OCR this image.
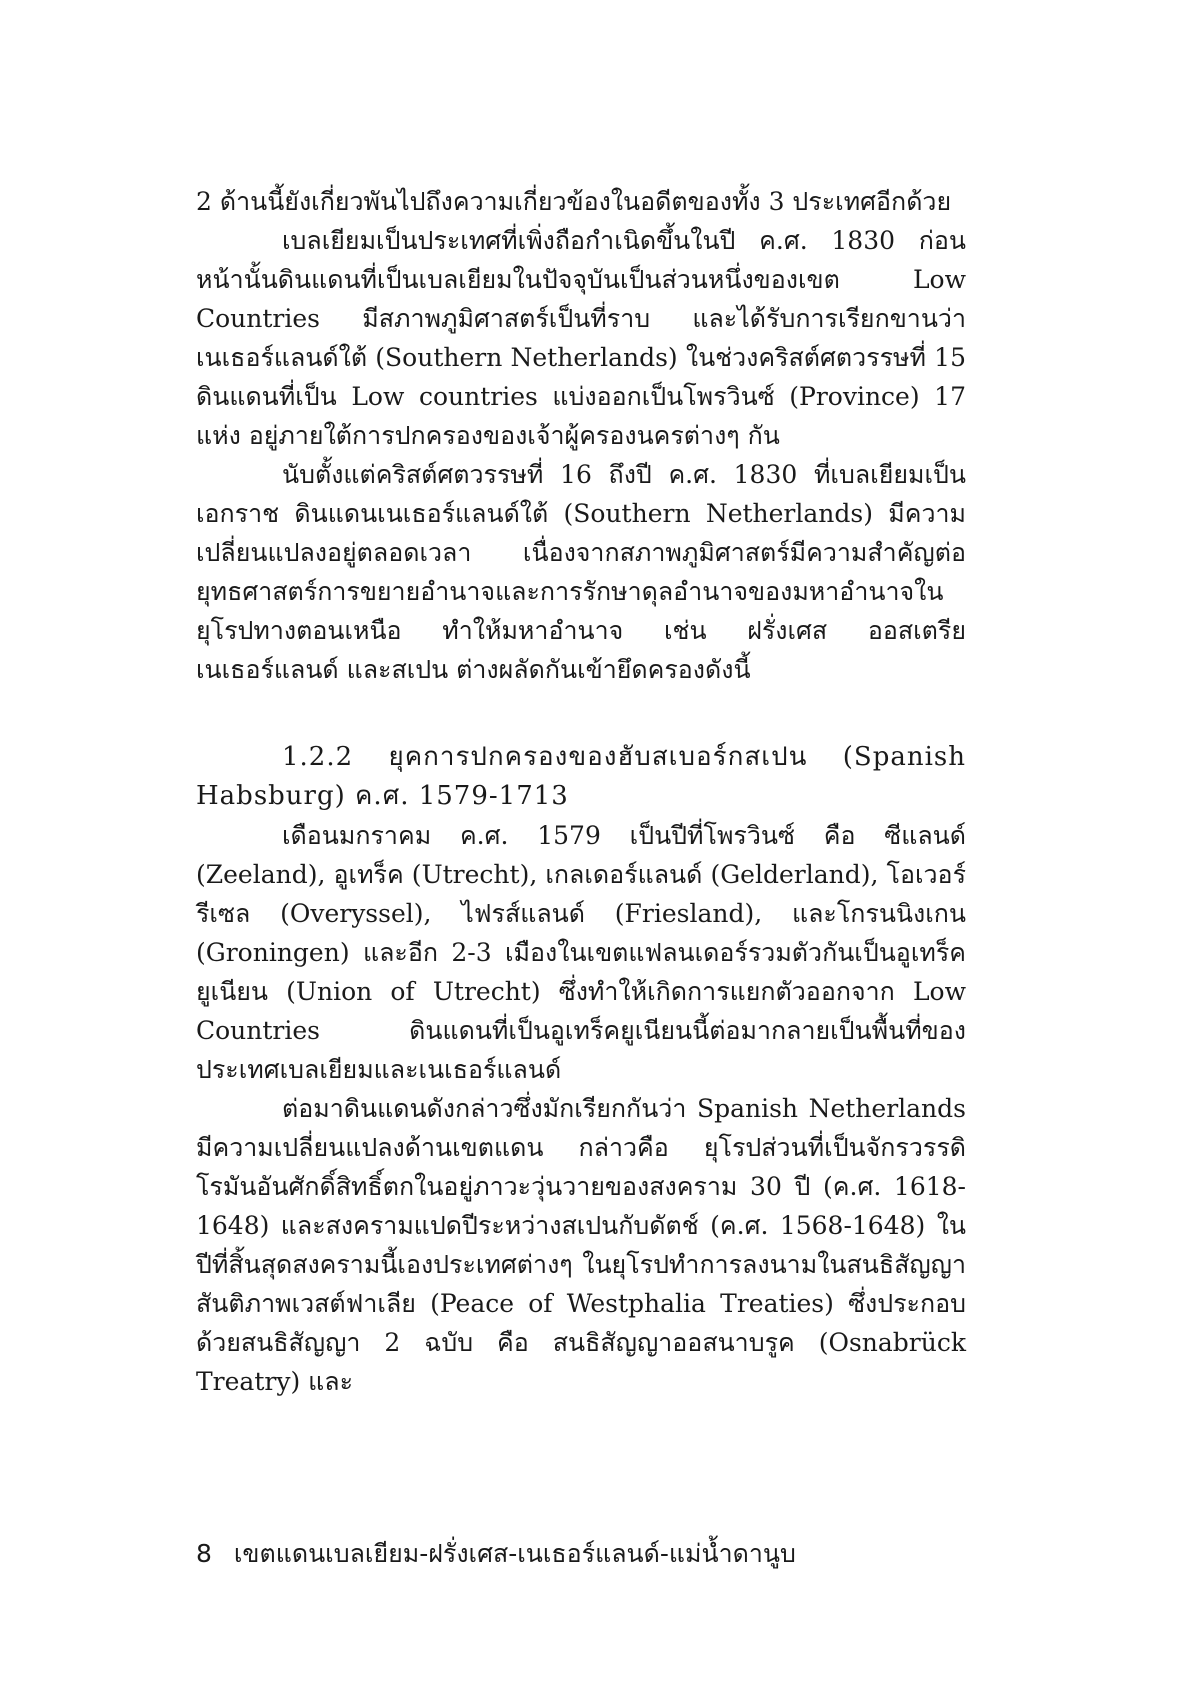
2 ด้านนี้ยังเกี่ยวพันไปถึงความเกี่ยวข้องในอดีตของทั้ง 3 ประเทศอีกด้วย

เบลเยียมเป็นประเทศที่เพิ่งถือกำเนิดขึ้นในปี ค.ศ. 1830 ก่อนหน้านั้นดินแดนที่เป็นเบลเยียมในปัจจุบันเป็นส่วนหนึ่งของเขต Low Countries มีสภาพภูมิศาสตร์เป็นที่ราบ และได้รับการเรียกขานว่าเนเธอร์แลนด์ใต้ (Southern Netherlands) ในช่วงคริสต์ศตวรรษที่ 15 ดินแดนที่เป็น Low countries แบ่งออกเป็นโพรวินซ์ (Province) 17 แห่ง อยู่ภายใต้การปกครองของเจ้าผู้ครองนครต่างๆ กัน

นับตั้งแต่คริสต์ศตวรรษที่ 16 ถึงปี ค.ศ. 1830 ที่เบลเยียมเป็นเอกราช ดินแดนเนเธอร์แลนด์ใต้ (Southern Netherlands) มีความเปลี่ยนแปลงอยู่ตลอดเวลา เนื่องจากสภาพภูมิศาสตร์มีความสำคัญต่อยุทธศาสตร์การขยายอำนาจและการรักษาดุลอำนาจของมหาอำนาจในยุโรปทางตอนเหนือ ทำให้มหาอำนาจ เช่น ฝรั่งเศส ออสเตรีย เนเธอร์แลนด์ และสเปน ต่างผลัดกันเข้ายึดครองดังนี้

1.2.2 ยุคการปกครองของฮับสเบอร์กสเปน (Spanish Habsburg) ค.ศ. 1579-1713

เดือนมกราคม ค.ศ. 1579 เป็นปีที่โพรวินซ์ คือ ซีแลนด์ (Zeeland), อูเทร็ค (Utrecht), เกลเดอร์แลนด์ (Gelderland), โอเวอร์รีเซล (Overyssel), ไฟรส์แลนด์ (Friesland), และโกรนนิงเกน (Groningen) และอีก 2-3 เมืองในเขตแฟลนเดอร์รวมตัวกันเป็นอูเทร็คยูเนียน (Union of Utrecht) ซึ่งทำให้เกิดการแยกตัวออกจาก Low Countries ดินแดนที่เป็นอูเทร็คยูเนียนนี้ต่อมากลายเป็นพื้นที่ของประเทศเบลเยียมและเนเธอร์แลนด์

ต่อมาดินแดนดังกล่าวซึ่งมักเรียกกันว่า Spanish Netherlands มีความเปลี่ยนแปลงด้านเขตแดน กล่าวคือ ยุโรปส่วนที่เป็นจักรวรรดิโรมันอันศักดิ์สิทธิ์ตกในอยู่ภาวะวุ่นวายของสงคราม 30 ปี (ค.ศ. 1618-1648) และสงครามแปดปีระหว่างสเปนกับดัตช์ (ค.ศ. 1568-1648) ในปีที่สิ้นสุดสงครามนี้เองประเทศต่างๆ ในยุโรปทำการลงนามในสนธิสัญญาสันติภาพเวสต์ฟาเลีย (Peace of Westphalia Treaties) ซึ่งประกอบด้วยสนธิสัญญา 2 ฉบับ คือ สนธิสัญญาออสนาบรูค (Osnabrück Treatry) และ

8 เขตแดนเบลเยียม-ฝรั่งเศส-เนเธอร์แลนด์-แม่น้ำดานูบ
